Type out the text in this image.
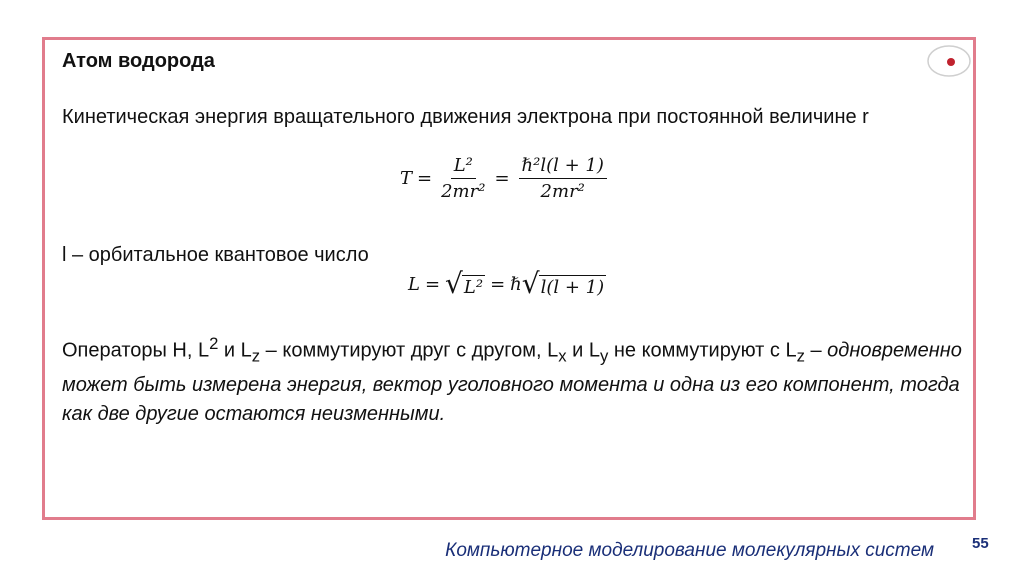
Атом водорода
Кинетическая энергия вращательного движения электрона при постоянной величине r
$T = \frac{\text{L²}}{\text{2mr²}} = \frac{\text{ℏ²l(l + 1)}}{\text{2mr²}}$
l – орбитальное квантовое число
L = √ L² = ℏ √ l(l + 1)
Операторы H, $L^2$ и $L_z$ – коммутируют друг с другом, $L_x$ и $L_y$ не коммутируют с $L_z$ – одновременно может быть измерена энергия, вектор уголовного момента и одна из его компонент, тогда как две другие остаются неизменными.
Компьютерное моделирование молекулярных систем	55
